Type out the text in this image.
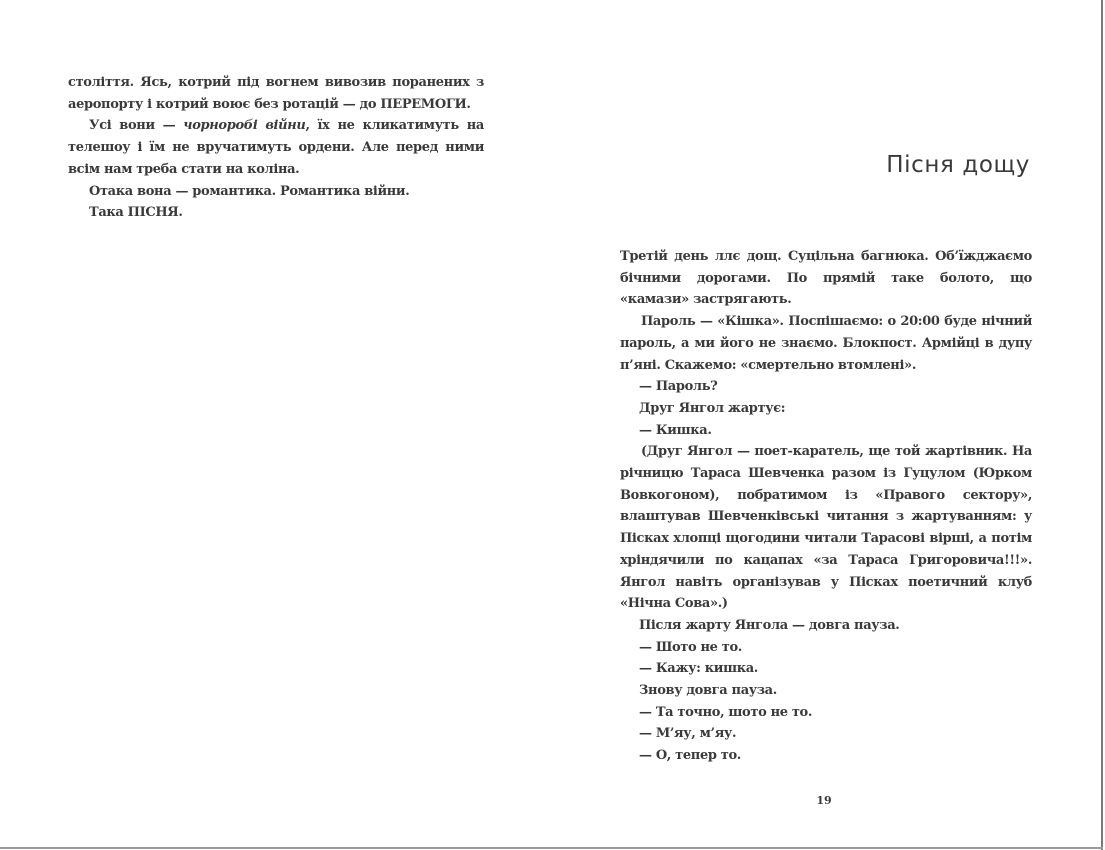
століття. Ясь, котрий під вогнем вивозив поранених з аеропорту і котрий воює без ротацій — до ПЕРЕМОГИ.

Усі вони — чорноробі війни, їх не кликатимуть на телешоу і їм не вручатимуть ордени. Але перед ними всім нам треба стати на коліна.

Отака вона — романтика. Романтика війни.

Така ПІСНЯ.

Пісня дощу

Третій день ллє дощ. Суцільна багнюка. Об’їжджаємо бічними дорогами. По прямій таке болото, що «камази» застрягають.

Пароль — «Кішка». Поспішаємо: о 20:00 буде нічний пароль, а ми його не знаємо. Блокпост. Армійці в дупу п’яні. Скажемо: «смертельно втомлені».

— Пароль?

Друг Янгол жартує:

— Кишка.

(Друг Янгол — поет-каратель, ще той жартівник. На річницю Тараса Шевченка разом із Гуцулом (Юрком Вовкогоном), побратимом із «Правого сектору», влаштував Шевченківські читання з жартуванням: у Пісках хлопці щогодини читали Тарасові вірші, а потім хріндячили по кацапах «за Тараса Григоровича!!!». Янгол навіть організував у Пісках поетичний клуб «Нічна Сова».)

Після жарту Янгола — довга пауза.

— Шото не то.

— Кажу: кишка.

Знову довга пауза.

— Та точно, шото не то.

— М’яу, м’яу.

— О, тепер то.

19
